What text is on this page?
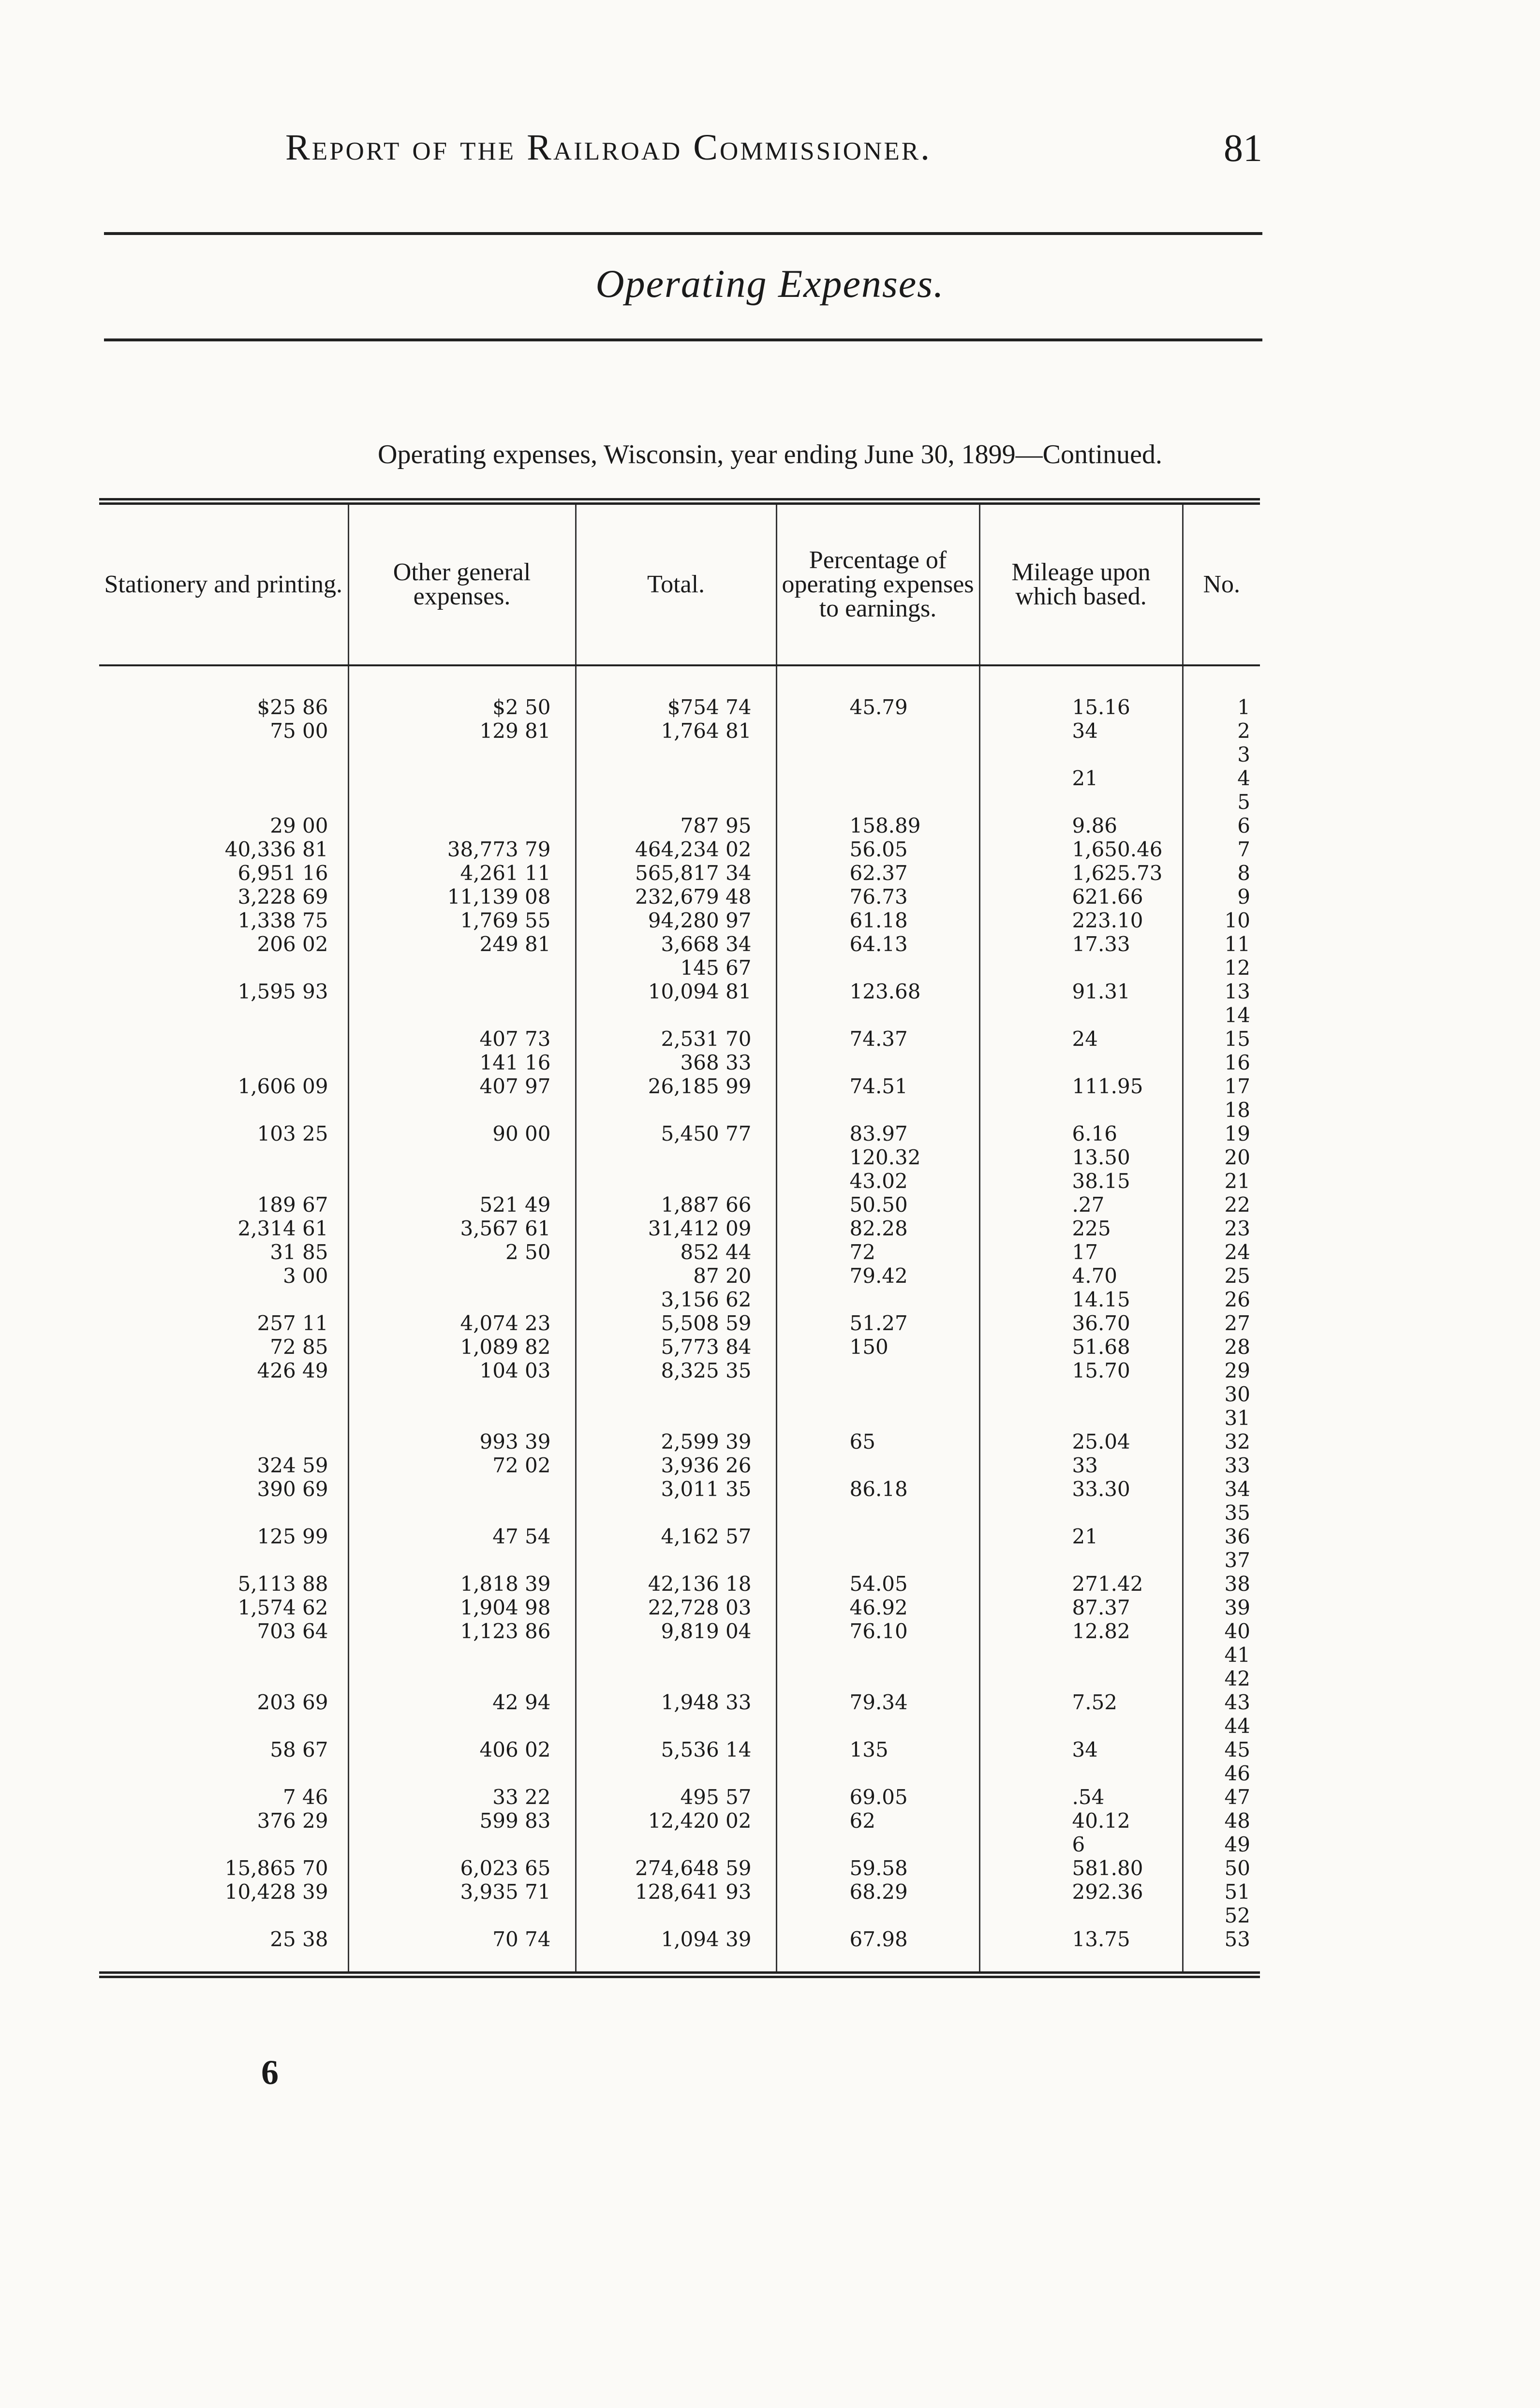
Report of the Railroad Commissioner.	81
Operating Expenses.
Operating expenses, Wisconsin, year ending June 30, 1899—Continued.
Stationery and printing.	Other general expenses.	Total.	Percentage of operating expenses to earnings.	Mileage upon which based.	No.

$25 86	$2 50	$754 74	45.79	15.16	1
75 00	129 81	1,764 81		34	2
					3
				21	4
					5
29 00		787 95	158.89	9.86	6
40,336 81	38,773 79	464,234 02	56.05	1,650.46	7
6,951 16	4,261 11	565,817 34	62.37	1,625.73	8
3,228 69	11,139 08	232,679 48	76.73	621.66	9
1,338 75	1,769 55	94,280 97	61.18	223.10	10
206 02	249 81	3,668 34	64.13	17.33	11
		145 67			12
1,595 93		10,094 81	123.68	91.31	13
					14
	407 73	2,531 70	74.37	24	15
	141 16	368 33			16
1,606 09	407 97	26,185 99	74.51	111.95	17
					18
103 25	90 00	5,450 77	83.97	6.16	19
			120.32	13.50	20
			43.02	38.15	21
189 67	521 49	1,887 66	50.50	.27	22
2,314 61	3,567 61	31,412 09	82.28	225	23
31 85	2 50	852 44	72	17	24
3 00		87 20	79.42	4.70	25
		3,156 62		14.15	26
257 11	4,074 23	5,508 59	51.27	36.70	27
72 85	1,089 82	5,773 84	150	51.68	28
426 49	104 03	8,325 35		15.70	29
					30
					31
	993 39	2,599 39	65	25.04	32
324 59	72 02	3,936 26		33	33
390 69		3,011 35	86.18	33.30	34
					35
125 99	47 54	4,162 57		21	36
					37
5,113 88	1,818 39	42,136 18	54.05	271.42	38
1,574 62	1,904 98	22,728 03	46.92	87.37	39
703 64	1,123 86	9,819 04	76.10	12.82	40
					41
					42
203 69	42 94	1,948 33	79.34	7.52	43
					44
58 67	406 02	5,536 14	135	34	45
					46
7 46	33 22	495 57	69.05	.54	47
376 29	599 83	12,420 02	62	40.12	48
				6	49
15,865 70	6,023 65	274,648 59	59.58	581.80	50
10,428 39	3,935 71	128,641 93	68.29	292.36	51
					52
25 38	70 74	1,094 39	67.98	13.75	53

6
